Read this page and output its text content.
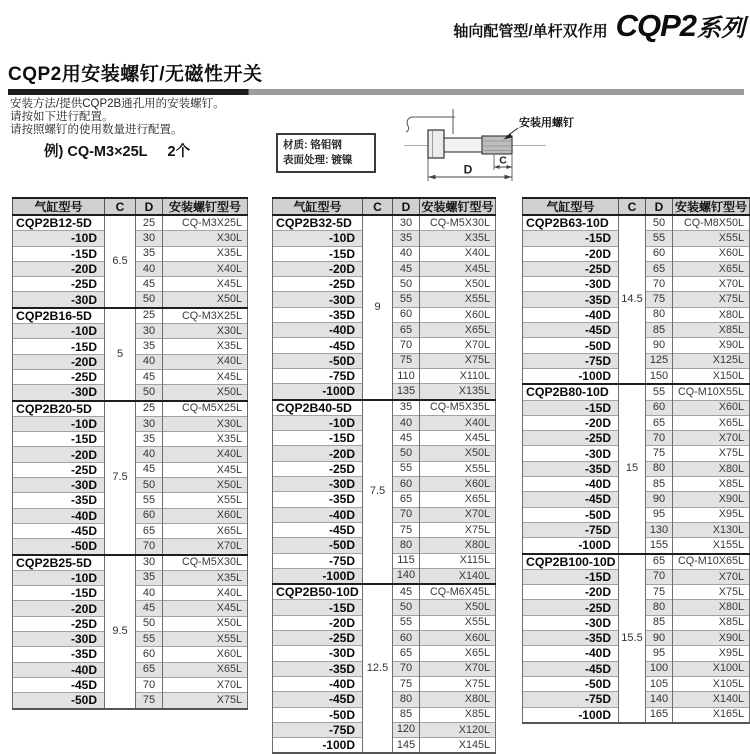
轴向配管型/单杆双作用 CQP2 系列
CQP2用安装螺钉/无磁性开关
安装方法/提供CQP2B通孔用的安装螺钉。
请按如下进行配置。
请按照螺钉的使用数量进行配置。
例) CQ-M3×25L 2个	材质: 铬钼钢
表面处理: 镀镍
安装用螺钉
C
D
气缸型号	C	D	安装螺钉型号
CQP2B12-5D	6.5	25	CQ-M3X25L
-10D		30	X30L
-15D		35	X35L
-20D		40	X40L
-25D		45	X45L
-30D		50	X50L
CQP2B16-5D	5	25	CQ-M3X25L
-10D		30	X30L
-15D		35	X35L
-20D		40	X40L
-25D		45	X45L
-30D		50	X50L
CQP2B20-5D	7.5	25	CQ-M5X25L
-10D		30	X30L
-15D		35	X35L
-20D		40	X40L
-25D		45	X45L
-30D		50	X50L
-35D		55	X55L
-40D		60	X60L
-45D		65	X65L
-50D		70	X70L
CQP2B25-5D	9.5	30	CQ-M5X30L
-10D		35	X35L
-15D		40	X40L
-20D		45	X45L
-25D		50	X50L
-30D		55	X55L
-35D		60	X60L
-40D		65	X65L
-45D		70	X70L
-50D		75	X75L
气缸型号	C	D	安装螺钉型号
CQP2B32-5D	9	30	CQ-M5X30L
-10D		35	X35L
-15D		40	X40L
-20D		45	X45L
-25D		50	X50L
-30D		55	X55L
-35D		60	X60L
-40D		65	X65L
-45D		70	X70L
-50D		75	X75L
-75D		110	X110L
-100D		135	X135L
CQP2B40-5D	7.5	35	CQ-M5X35L
-10D		40	X40L
-15D		45	X45L
-20D		50	X50L
-25D		55	X55L
-30D		60	X60L
-35D		65	X65L
-40D		70	X70L
-45D		75	X75L
-50D		80	X80L
-75D		115	X115L
-100D		140	X140L
CQP2B50-10D	12.5	45	CQ-M6X45L
-15D		50	X50L
-20D		55	X55L
-25D		60	X60L
-30D		65	X65L
-35D		70	X70L
-40D		75	X75L
-45D		80	X80L
-50D		85	X85L
-75D		120	X120L
-100D		145	X145L
气缸型号	C	D	安装螺钉型号
CQP2B63-10D	14.5	50	CQ-M8X50L
-15D		55	X55L
-20D		60	X60L
-25D		65	X65L
-30D		70	X70L
-35D		75	X75L
-40D		80	X80L
-45D		85	X85L
-50D		90	X90L
-75D		125	X125L
-100D		150	X150L
CQP2B80-10D	15	55	CQ-M10X55L
-15D		60	X60L
-20D		65	X65L
-25D		70	X70L
-30D		75	X75L
-35D		80	X80L
-40D		85	X85L
-45D		90	X90L
-50D		95	X95L
-75D		130	X130L
-100D		155	X155L
CQP2B100-10D	15.5	65	CQ-M10X65L
-15D		70	X70L
-20D		75	X75L
-25D		80	X80L
-30D		85	X85L
-35D		90	X90L
-40D		95	X95L
-45D		100	X100L
-50D		105	X105L
-75D		140	X140L
-100D		165	X165L
